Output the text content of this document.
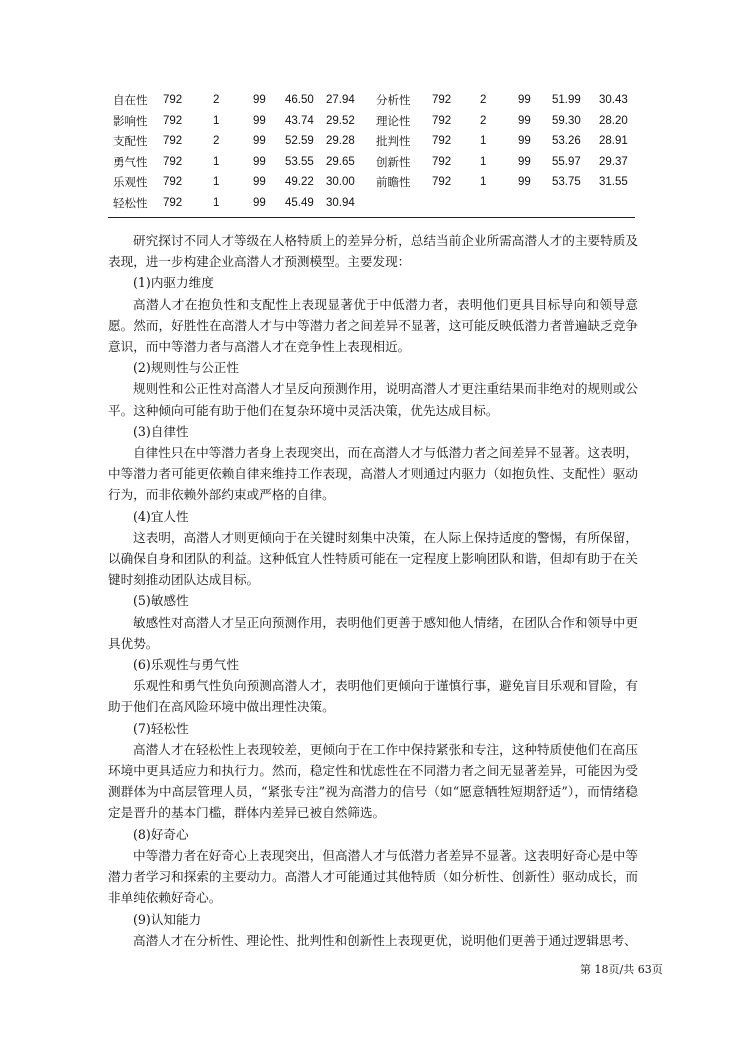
自在性 792	2	99 46.50 27.94 分析性 792	2	99 51.99 30.43
影响性 792	1	99 43.74 29.52 理论性 792	2	99 59.30 28.20
支配性 792	2	99 52.59 29.28 批判性 792	1	99 53.26 28.91
勇气性 792	1	99 53.55 29.65 创新性 792	1	99 55.97 29.37
乐观性 792	1	99 49.22 30.00 前瞻性 792	1	99 53.75 31.55
轻松性 792	1	99 45.49 30.94

研究探讨不同人才等级在人格特质上的差异分析，总结当前企业所需高潜人才的主要特质及表现，进一步构建企业高潜人才预测模型。主要发现：

(1)内驱力维度

高潜人才在抱负性和支配性上表现显著优于中低潜力者，表明他们更具目标导向和领导意愿。然而，好胜性在高潜人才与中等潜力者之间差异不显著，这可能反映低潜力者普遍缺乏竞争意识，而中等潜力者与高潜人才在竞争性上表现相近。

(2)规则性与公正性

规则性和公正性对高潜人才呈反向预测作用，说明高潜人才更注重结果而非绝对的规则或公平。这种倾向可能有助于他们在复杂环境中灵活决策，优先达成目标。

(3)自律性

自律性只在中等潜力者身上表现突出，而在高潜人才与低潜力者之间差异不显著。这表明，中等潜力者可能更依赖自律来维持工作表现，高潜人才则通过内驱力（如抱负性、支配性）驱动行为，而非依赖外部约束或严格的自律。

(4)宜人性

这表明，高潜人才则更倾向于在关键时刻集中决策，在人际上保持适度的警惕，有所保留，以确保自身和团队的利益。这种低宜人性特质可能在一定程度上影响团队和谐，但却有助于在关键时刻推动团队达成目标。

(5)敏感性

敏感性对高潜人才呈正向预测作用，表明他们更善于感知他人情绪，在团队合作和领导中更具优势。

(6)乐观性与勇气性

乐观性和勇气性负向预测高潜人才，表明他们更倾向于谨慎行事，避免盲目乐观和冒险，有助于他们在高风险环境中做出理性决策。

(7)轻松性

高潜人才在轻松性上表现较差，更倾向于在工作中保持紧张和专注，这种特质使他们在高压环境中更具适应力和执行力。然而，稳定性和忧虑性在不同潜力者之间无显著差异，可能因为受测群体为中高层管理人员，“紧张专注”视为高潜力的信号（如“愿意牺牲短期舒适”），而情绪稳定是晋升的基本门槛，群体内差异已被自然筛选。

(8)好奇心

中等潜力者在好奇心上表现突出，但高潜人才与低潜力者差异不显著。这表明好奇心是中等潜力者学习和探索的主要动力。高潜人才可能通过其他特质（如分析性、创新性）驱动成长，而非单纯依赖好奇心。

(9)认知能力

高潜人才在分析性、理论性、批判性和创新性上表现更优，说明他们更善于通过逻辑思考、

第 18页/共 63页
